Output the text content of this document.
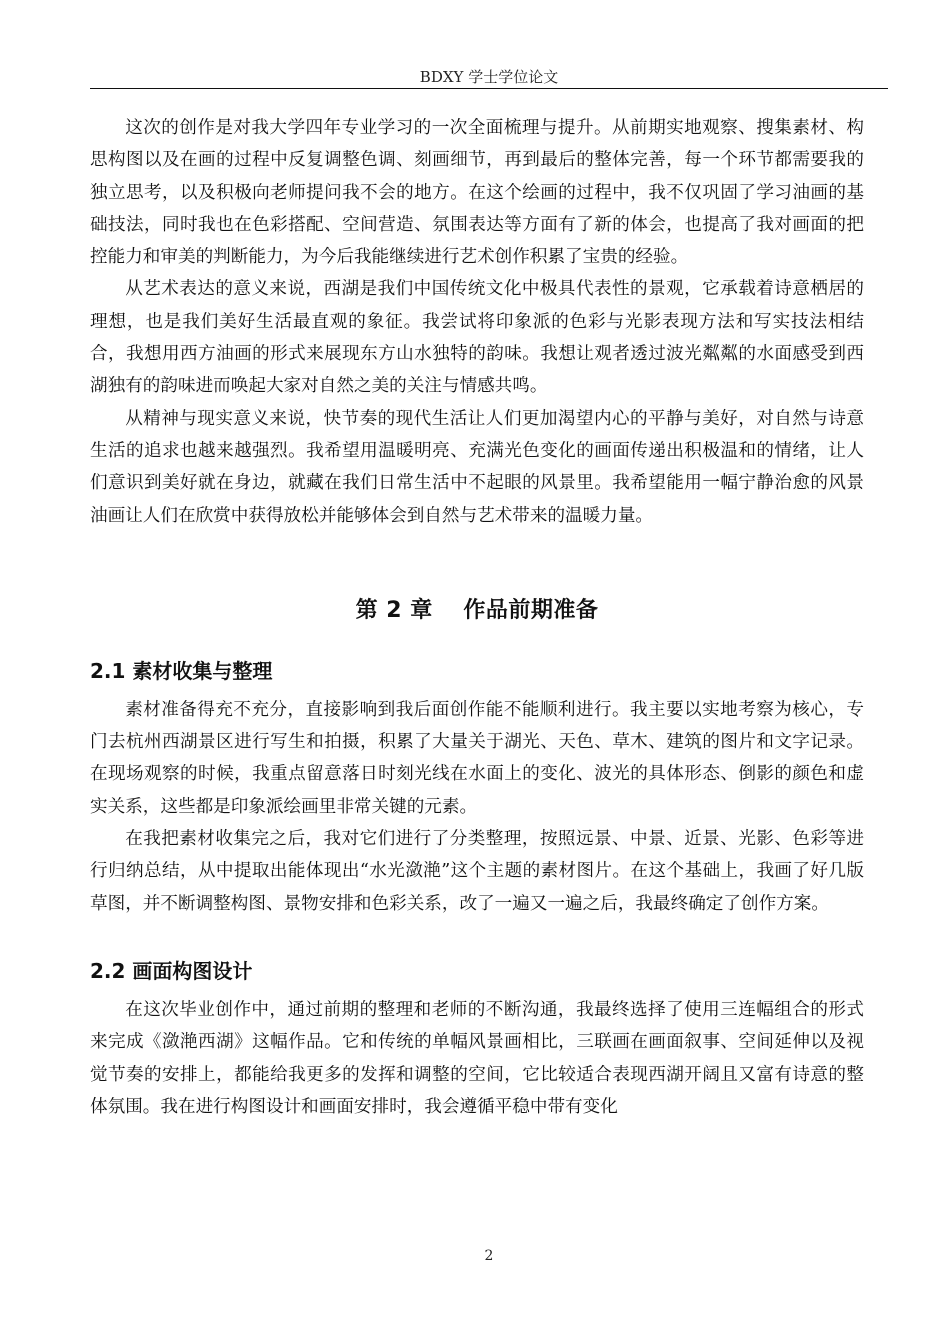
BDXY 学士学位论文

这次的创作是对我大学四年专业学习的一次全面梳理与提升。从前期实地观察、搜集素材、构思构图以及在画的过程中反复调整色调、刻画细节，再到最后的整体完善，每一个环节都需要我的独立思考，以及积极向老师提问我不会的地方。在这个绘画的过程中，我不仅巩固了学习油画的基础技法，同时我也在色彩搭配、空间营造、氛围表达等方面有了新的体会，也提高了我对画面的把控能力和审美的判断能力，为今后我能继续进行艺术创作积累了宝贵的经验。

从艺术表达的意义来说，西湖是我们中国传统文化中极具代表性的景观，它承载着诗意栖居的理想，也是我们美好生活最直观的象征。我尝试将印象派的色彩与光影表现方法和写实技法相结合，我想用西方油画的形式来展现东方山水独特的韵味。我想让观者透过波光粼粼的水面感受到西湖独有的韵味进而唤起大家对自然之美的关注与情感共鸣。

从精神与现实意义来说，快节奏的现代生活让人们更加渴望内心的平静与美好，对自然与诗意生活的追求也越来越强烈。我希望用温暖明亮、充满光色变化的画面传递出积极温和的情绪，让人们意识到美好就在身边，就藏在我们日常生活中不起眼的风景里。我希望能用一幅宁静治愈的风景油画让人们在欣赏中获得放松并能够体会到自然与艺术带来的温暖力量。

第 2 章　 作品前期准备
2.1 素材收集与整理

素材准备得充不充分，直接影响到我后面创作能不能顺利进行。我主要以实地考察为核心，专门去杭州西湖景区进行写生和拍摄，积累了大量关于湖光、天色、草木、建筑的图片和文字记录。在现场观察的时候，我重点留意落日时刻光线在水面上的变化、波光的具体形态、倒影的颜色和虚实关系，这些都是印象派绘画里非常关键的元素。

在我把素材收集完之后，我对它们进行了分类整理，按照远景、中景、近景、光影、色彩等进行归纳总结，从中提取出能体现出“水光潋滟”这个主题的素材图片。在这个基础上，我画了好几版草图，并不断调整构图、景物安排和色彩关系，改了一遍又一遍之后，我最终确定了创作方案。

2.2 画面构图设计

在这次毕业创作中，通过前期的整理和老师的不断沟通，我最终选择了使用三连幅组合的形式来完成《潋滟西湖》这幅作品。它和传统的单幅风景画相比，三联画在画面叙事、空间延伸以及视觉节奏的安排上，都能给我更多的发挥和调整的空间，它比较适合表现西湖开阔且又富有诗意的整体氛围。我在进行构图设计和画面安排时，我会遵循平稳中带有变化

2
